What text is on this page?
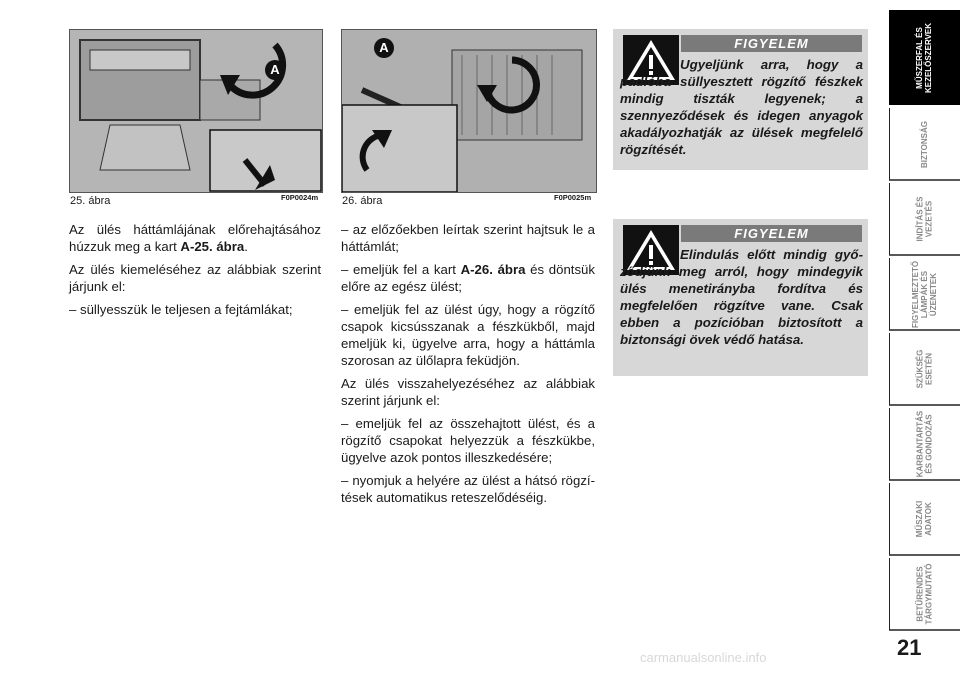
A
25. ábra	F0P0024m
A
26. ábra	F0P0025m

Az ülés háttámlájának előrehajtásához húzzuk meg a kart A-25. ábra.

Az ülés kiemeléséhez az alábbiak szerint járjunk el:

– süllyesszük le teljesen a fejtámlákat;

– az előzőekben leírtak szerint hajtsuk le a háttámlát;

– emeljük fel a kart A-26. ábra és döntsük előre az egész ülést;

– emeljük fel az ülést úgy, hogy a rögzítő csapok kicsússzanak a fészkükből, majd emeljük ki, ügyelve arra, hogy a háttámla szorosan az ülőlapra feküdjön.

Az ülés visszahelyezéséhez az alábbiak szerint járjunk el:

– emeljük fel az összehajtott ülést, és a rögzítő csapokat helyezzük a fészkükbe, ügyelve azok pontos illeszkedésére;

– nyomjuk a helyére az ülést a hátsó rögzítések automatikus reteszelődéséig.

FIGYELEM
Ugyeljünk arra, hogy a padlóba süllyesztett rögzítő fészkek mindig tiszták legyenek; a szennyeződések és idegen anyagok akadályozhatják az ülések megfelelő rögzítését.
FIGYELEM
Elindulás előtt mindig győződjünk meg arról, hogy mindegyik ülés menetirányba fordítva és megfelelően rögzítve vane. Csak ebben a pozícióban biztosított a biztonsági övek védő hatása.
MŰSZERFAL ÉS
KEZELŐSZERVEK
BIZTONSÁG
INDÍTÁS ÉS
VEZETÉS
FIGYELMEZTETŐ
LÁMPÁK ÉS
ÜZENETEK
SZÜKSÉG
ESETÉN
KARBANTARTÁS
ÉS GONDOZÁS
MŰSZAKI
ADATOK
BETŰRENDES
TÁRGYMUTATÓ
21
carmanualsonline.info
